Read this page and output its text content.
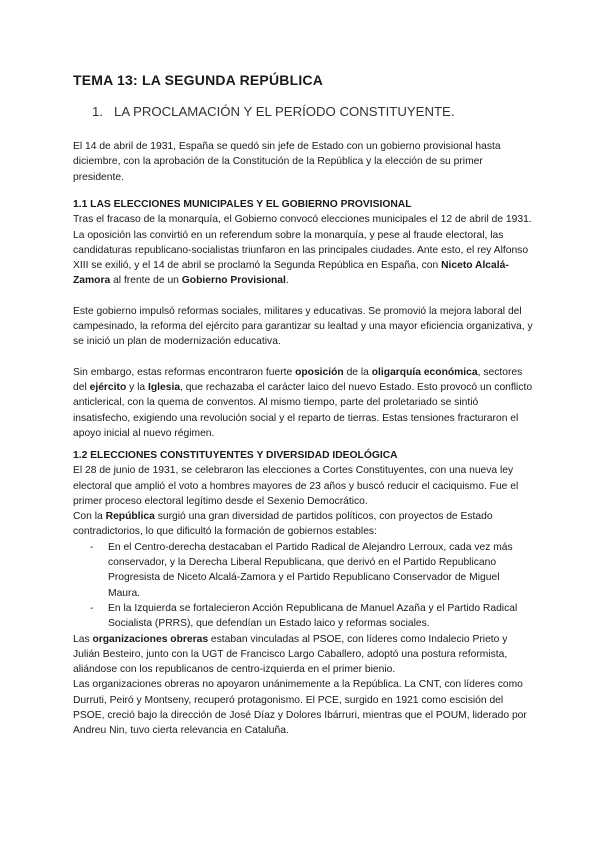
TEMA 13: LA SEGUNDA REPÚBLICA
1. LA PROCLAMACIÓN Y EL PERÍODO CONSTITUYENTE.

El 14 de abril de 1931, España se quedó sin jefe de Estado con un gobierno provisional hasta diciembre, con la aprobación de la Constitución de la República y la elección de su primer presidente.

1.1 LAS ELECCIONES MUNICIPALES Y EL GOBIERNO PROVISIONAL

Tras el fracaso de la monarquía, el Gobierno convocó elecciones municipales el 12 de abril de 1931. La oposición las convirtió en un referendum sobre la monarquía, y pese al fraude electoral, las candidaturas republicano-socialistas triunfaron en las principales ciudades. Ante esto, el rey Alfonso XIII se exilió, y el 14 de abril se proclamó la Segunda República en España, con Niceto Alcalá-Zamora al frente de un Gobierno Provisional.

Este gobierno impulsó reformas sociales, militares y educativas. Se promovió la mejora laboral del campesinado, la reforma del ejército para garantizar su lealtad y una mayor eficiencia organizativa, y se inició un plan de modernización educativa.

Sin embargo, estas reformas encontraron fuerte oposición de la oligarquía económica, sectores del ejército y la Iglesia, que rechazaba el carácter laico del nuevo Estado. Esto provocó un conflicto anticlerical, con la quema de conventos. Al mismo tiempo, parte del proletariado se sintió insatisfecho, exigiendo una revolución social y el reparto de tierras. Estas tensiones fracturaron el apoyo inicial al nuevo régimen.

1.2 ELECCIONES CONSTITUYENTES Y DIVERSIDAD IDEOLÓGICA

El 28 de junio de 1931, se celebraron las elecciones a Cortes Constituyentes, con una nueva ley electoral que amplió el voto a hombres mayores de 23 años y buscó reducir el caciquismo. Fue el primer proceso electoral legítimo desde el Sexenio Democrático.

Con la República surgió una gran diversidad de partidos políticos, con proyectos de Estado contradictorios, lo que dificultó la formación de gobiernos estables:

- En el Centro-derecha destacaban el Partido Radical de Alejandro Lerroux, cada vez más conservador, y la Derecha Liberal Republicana, que derivó en el Partido Republicano Progresista de Niceto Alcalá-Zamora y el Partido Republicano Conservador de Miguel Maura.
- En la Izquierda se fortalecieron Acción Republicana de Manuel Azaña y el Partido Radical Socialista (PRRS), que defendían un Estado laico y reformas sociales.

Las organizaciones obreras estaban vinculadas al PSOE, con líderes como Indalecio Prieto y Julián Besteiro, junto con la UGT de Francisco Largo Caballero, adoptó una postura reformista, aliándose con los republicanos de centro-izquierda en el primer bienio.

Las organizaciones obreras no apoyaron unánimemente a la República. La CNT, con líderes como Durruti, Peiró y Montseny, recuperó protagonismo. El PCE, surgido en 1921 como escisión del PSOE, creció bajo la dirección de José Díaz y Dolores Ibárruri, mientras que el POUM, liderado por Andreu Nin, tuvo cierta relevancia en Cataluña.
